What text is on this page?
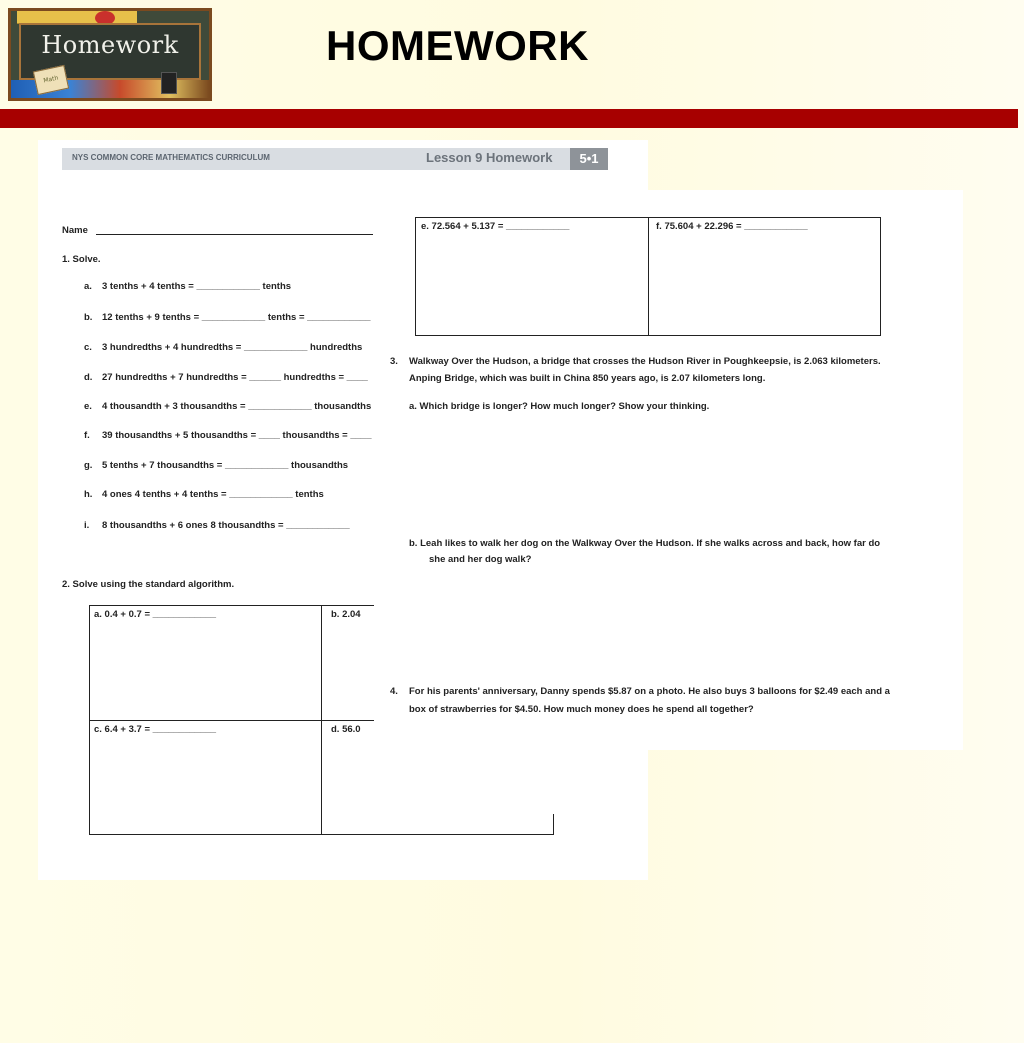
Homework
Math
HOMEWORK
NYS COMMON CORE MATHEMATICS CURRICULUM	Lesson 9 Homework	5•1
Name
1. Solve.
a. 3 tenths + 4 tenths = ____________ tenths
b. 12 tenths + 9 tenths = ____________ tenths = ____________
c. 3 hundredths + 4 hundredths = ____________ hundredths
d. 27 hundredths + 7 hundredths = ______ hundredths = ____
e. 4 thousandth + 3 thousandths = ____________ thousandths
f. 39 thousandths + 5 thousandths = ____ thousandths = ____
g. 5 tenths + 7 thousandths = ____________ thousandths
h. 4 ones 4 tenths + 4 tenths = ____________ tenths
i. 8 thousandths + 6 ones 8 thousandths = ____________
2. Solve using the standard algorithm.
a. 0.4 + 0.7 = ____________	b. 2.04
c. 6.4 + 3.7 = ____________	d. 56.0
e. 72.564 + 5.137 = ____________	f. 75.604 + 22.296 = ____________
3. Walkway Over the Hudson, a bridge that crosses the Hudson River in Poughkeepsie, is 2.063 kilometers.
Anping Bridge, which was built in China 850 years ago, is 2.07 kilometers long.
a. Which bridge is longer? How much longer? Show your thinking.
b. Leah likes to walk her dog on the Walkway Over the Hudson. If she walks across and back, how far do
she and her dog walk?
4. For his parents' anniversary, Danny spends $5.87 on a photo. He also buys 3 balloons for $2.49 each and a
box of strawberries for $4.50. How much money does he spend all together?
